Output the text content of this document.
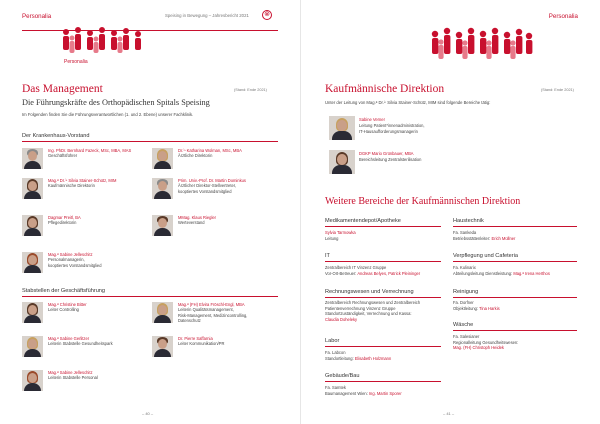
Personalia	Speising in Bewegung – Jahresbericht 2021 ⊗
Personalia
Das Management	(Stand: Ende 2021)
Die Führungskräfte des Orthopädischen Spitals Speising
Im Folgenden finden Sie die Führungsverantwortlichen (1. und 2. Ebene) unserer Fachklinik.
Der Krankenhaus-Vorstand
Ing. PhDr. Bernhard Fazeck, MSc, MBA, MAS
Geschäftsführer
Dr.ⁱⁿ Katharina Wolman, MSc, MBA
Ärztliche Direktorin
Mag.ª Dr.ⁱⁿ Silvia Stainer-Schütz, MIM
Kaufmännische Direktorin
Prim. Univ.-Prof. Dr. Martin Dominkus
Ärztlicher Direktor-Stellvertreter,
kooptiertes Vorstandsmitglied
Dagmar Preitl, BA
Pflegedirektorin
MMag. Klaus Riegler
Werteverstand
Mag.ª Sabine Jelleschitz
Personalmanagerin,
kooptiertes Vorstandsmitglied
Stabstellen der Geschäftsführung
Mag.ª Christine Bitter
Leiter Controlling
Mag.ª (FH) Elvira Fröschl-Engl, MBA
Leiterin Qualitätsmanagement,
Risk-Management, Medizincontrolling,
Datenschutz
Mag.ª Sabine Gerlitzer
Leiterin Stabstelle Gesundheitspark
Dr. Pierre Saffarnia
Leiter Kommunikation/PR
Mag.ª Sabine Jelleschitz
Leiterin Stabstelle Personal
– 40 –
Personalia
Kaufmännische Direktion	(Stand: Ende 2021)
Unter der Leitung von Mag.ª Dr.ⁱⁿ Silvia Stainer-Schütz, MIM sind folgende Bereiche tätig:
Sabine Verner
Leitung Patient*innenadministration,
IT-Hausaufforderungsmanagerin
DGKP Mario Grünbauer, MBA
Bereichsleitung Zentralsterilisation
Weitere Bereiche der Kaufmännischen Direktion
Medikamentendepot/Apotheke
Sylvia Tarmowka
Leitung
IT
Zentralbereich IT Vinzenz Gruppe
Vor-Ort-Betreuer: Andreas Belyes, Patrick Pleininger
Rechnungswesen und Verrechnung
Zentralbereich Rechnungswesen und Zentralbereich
Patientenverrechnung Vinzenz Gruppe
Standortzuständigkeit, Verrechnung und Kassa:
Claudia Doheleky
Labor
Fa. Labcon
Standortleitung: Elisabeth Holzmann
Gebäude/Bau
Fa. Samtek
Baumanagement Wien: Ing. Martin Sporer
Haustechnik
Fa. Sankeda
Betriebsstättenleiter: Erich Müllner
Verpflegung und Cafeteria
Fa. Kulinarix
Abteilungsleitung Dienstleistung: Mag.ª Irena Herthos
Reinigung
Fa. Dorfner
Objektleitung: Tina Harkis
Wäsche
Fa. Salesianer
Regionalleitung Gesundheitswesen:
Mag. (FH) Christoph Heidek
– 41 –
